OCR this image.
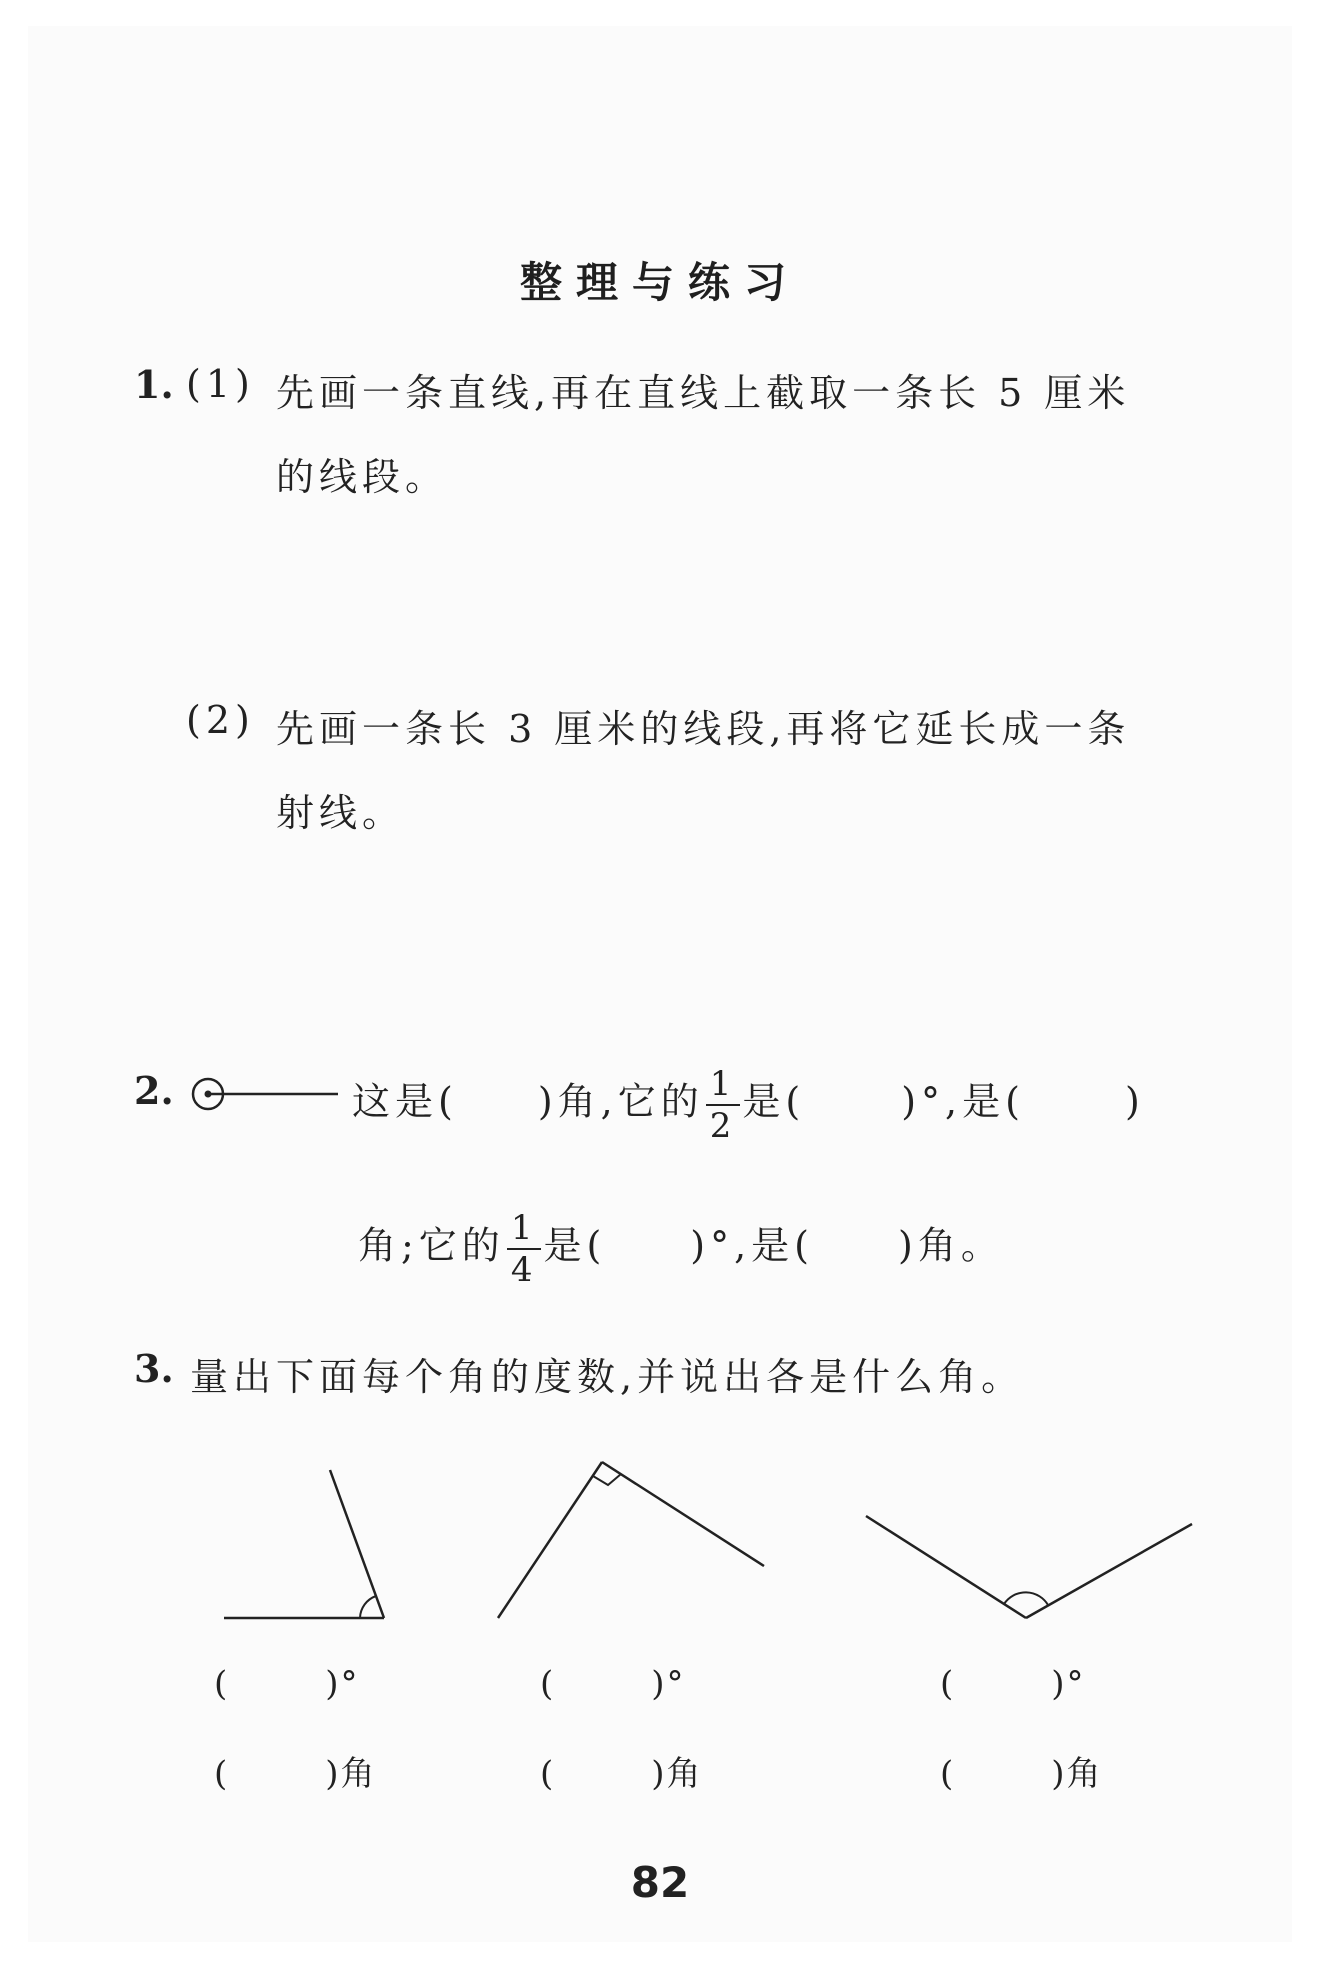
整理与练习
1. (1) 先画一条直线,再在直线上截取一条长 5 厘米
的线段。
(2) 先画一条长 3 厘米的线段,再将它延长成一条
射线。
2.	这是( )角,它的 $\frac{1}{2}$ 是(	)°,是(	)
角;它的 $\frac{1}{4}$ 是( )°,是( )角。
3. 量出下面每个角的度数,并说出各是什么角。
(	)°
(	)角
(	)°
(	)角
(	)°
(	)角
82
